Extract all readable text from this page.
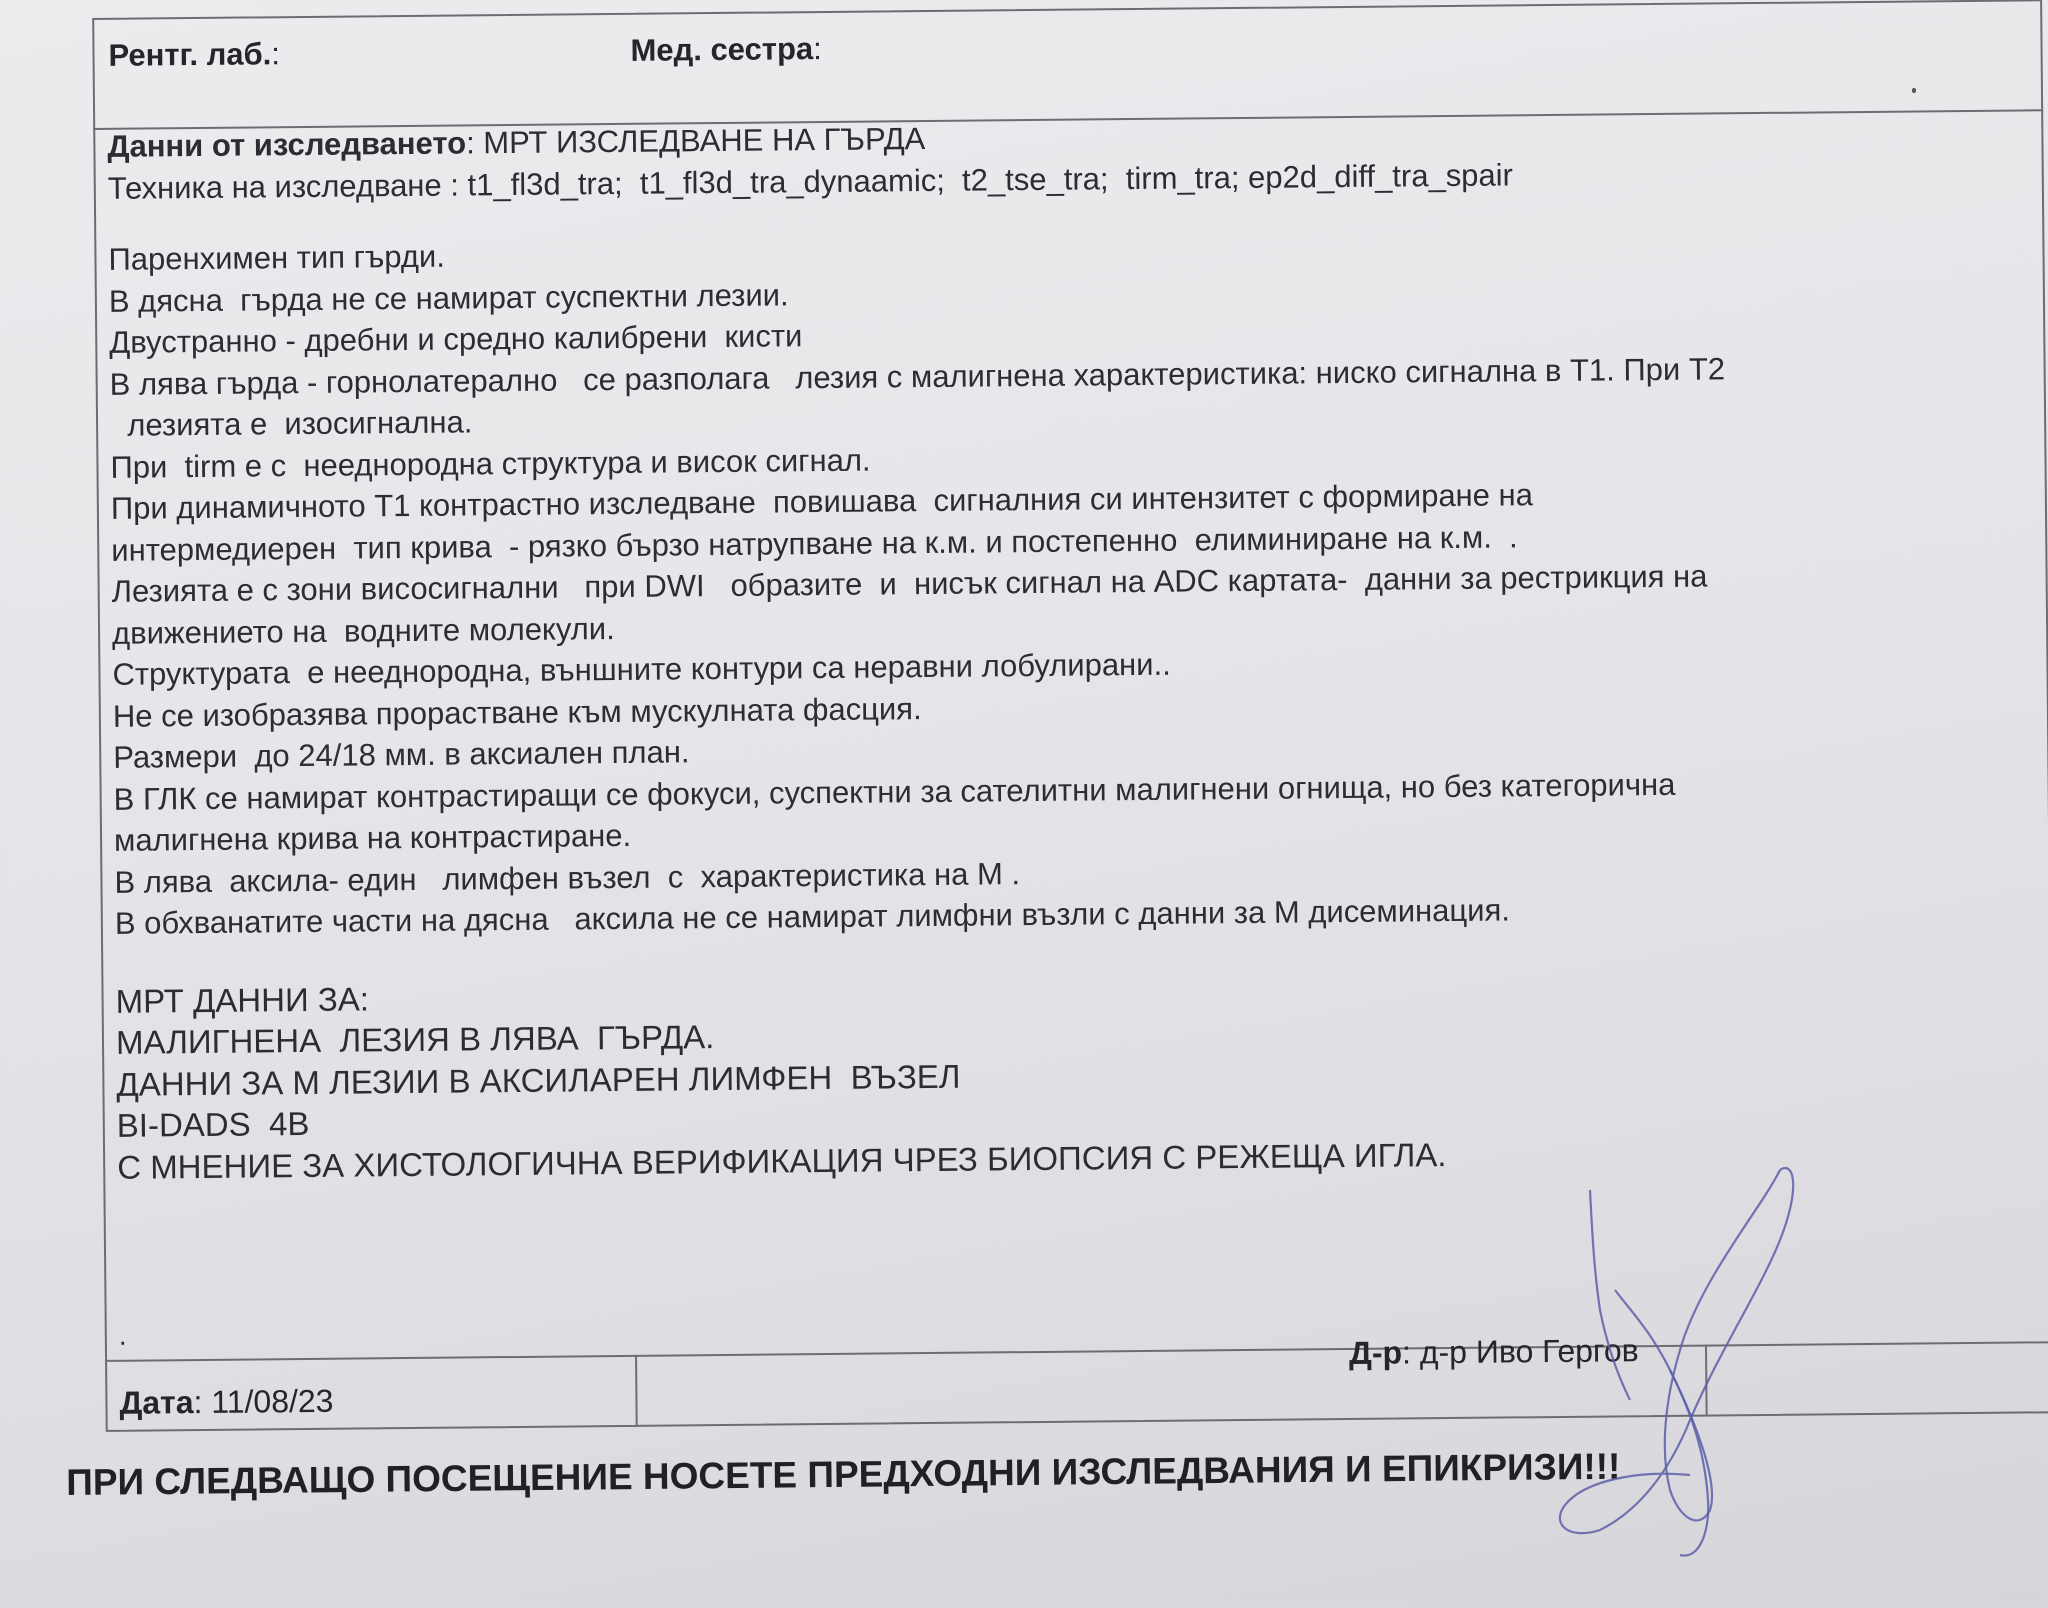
Рентг. лаб.:	Мед. сестра:
Данни от изследването: МРТ ИЗСЛЕДВАНЕ НА ГЪРДА
Техника на изследване : t1_fl3d_tra;  t1_fl3d_tra_dynaamic;  t2_tse_tra;  tirm_tra; ep2d_diff_tra_spair
Паренхимен тип гърди.
В дясна  гърда не се намират суспектни лезии.
Двустранно - дребни и средно калибрени  кисти
В лява гърда - горнолатерално   се разполага   лезия с малигнена характеристика: ниско сигнална в Т1. При Т2
лезията е  изосигнална.
При  tirm е с  нееднородна структура и висок сигнал.
При динамичното Т1 контрастно изследване  повишава  сигналния си интензитет с формиране на
интермедиерен  тип крива  - рязко бързо натрупване на к.м. и постепенно  елиминиране на к.м.  .
Лезията е с зони висосигнални   при DWI   образите  и  нисък сигнал на ADC картата-  данни за рестрикция на
движението на  водните молекули.
Структурата  е нееднородна, външните контури са неравни лобулирани..
Не се изобразява прорастване към мускулната фасция.
Размери  до 24/18 мм. в аксиален план.
В ГЛК се намират контрастиращи се фокуси, суспектни за сателитни малигнени огнища, но без категорична
малигнена крива на контрастиране.
В лява  аксила- един   лимфен възел  с  характеристика на М .
В обхванатите части на дясна   аксила не се намират лимфни възли с данни за М дисеминация.
МРТ ДАННИ ЗА:
МАЛИГНЕНА  ЛЕЗИЯ В ЛЯВА  ГЪРДА.
ДАННИ ЗА М ЛЕЗИИ В АКСИЛАРЕН ЛИМФЕН  ВЪЗЕЛ
BI-DADS  4B
С МНЕНИЕ ЗА ХИСТОЛОГИЧНА ВЕРИФИКАЦИЯ ЧРЕЗ БИОПСИЯ С РЕЖЕЩА ИГЛА.
.
Дата: 11/08/23
Д-р: д-р Иво Гергов
ПРИ СЛЕДВАЩО ПОСЕЩЕНИЕ НОСЕТЕ ПРЕДХОДНИ ИЗСЛЕДВАНИЯ И ЕПИКРИЗИ!!!
